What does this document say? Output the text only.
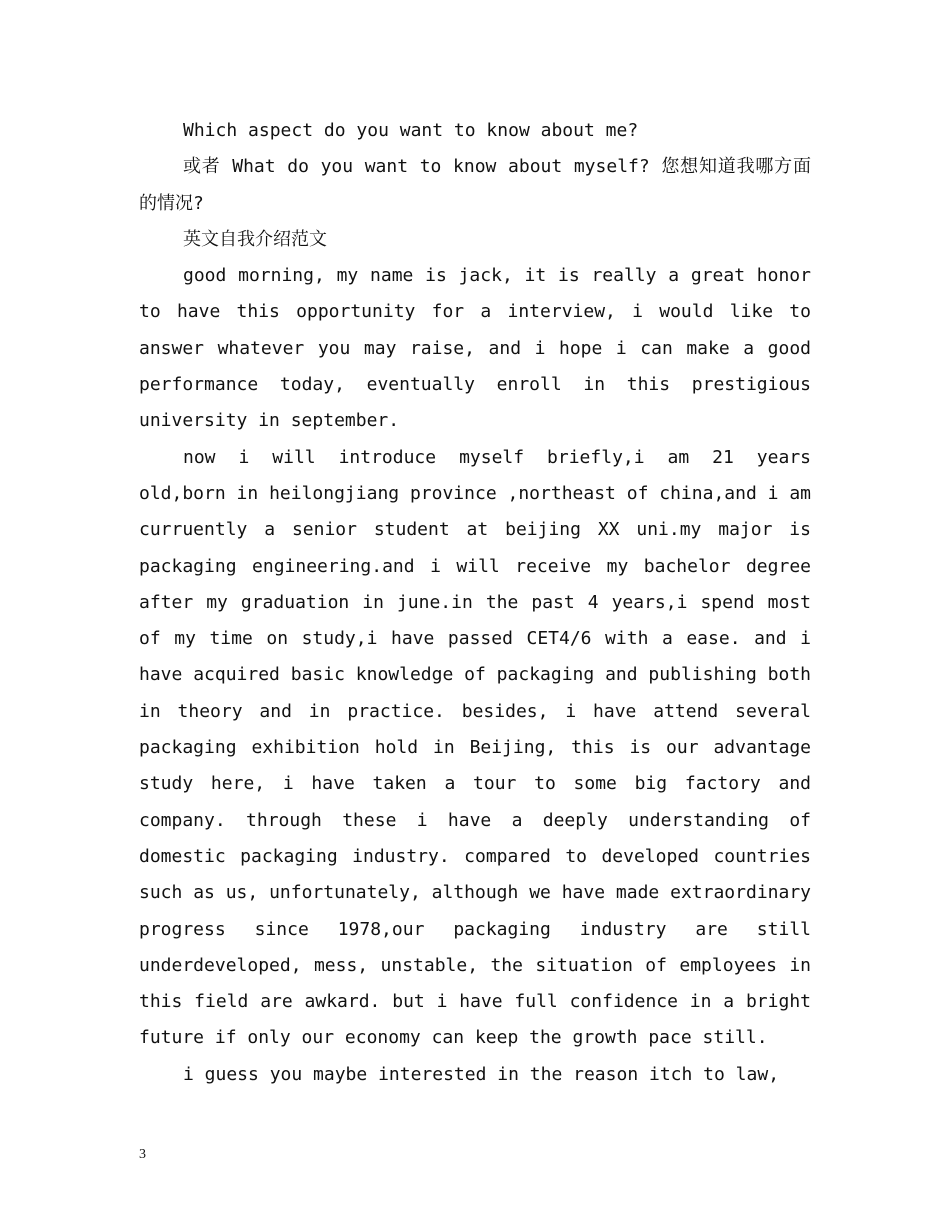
Which aspect do you want to know about me?

或者 What do you want to know about myself? 您想知道我哪方面的情况?

英文自我介绍范文

good morning, my name is jack, it is really a great honor to have this opportunity for a interview, i would like to answer whatever you may raise, and i hope i can make a good performance today, eventually enroll in this prestigious university in september.

now i will introduce myself briefly,i am 21 years old,born in heilongjiang province ,northeast of china,and i am curruently a senior student at beijing XX uni.my major is packaging engineering.and i will receive my bachelor degree after my graduation in june.in the past 4 years,i spend most of my time on study,i have passed CET4/6 with a ease. and i have acquired basic knowledge of packaging and publishing both in theory and in practice. besides, i have attend several packaging exhibition hold in Beijing, this is our advantage study here, i have taken a tour to some big factory and company. through these i have a deeply understanding of domestic packaging industry. compared to developed countries such as us, unfortunately, although we have made extraordinary progress since 1978,our packaging industry are still underdeveloped, mess, unstable, the situation of employees in this field are awkard. but i have full confidence in a bright future if only our economy can keep the growth pace still.

i guess you maybe interested in the reason itch to law,

3
